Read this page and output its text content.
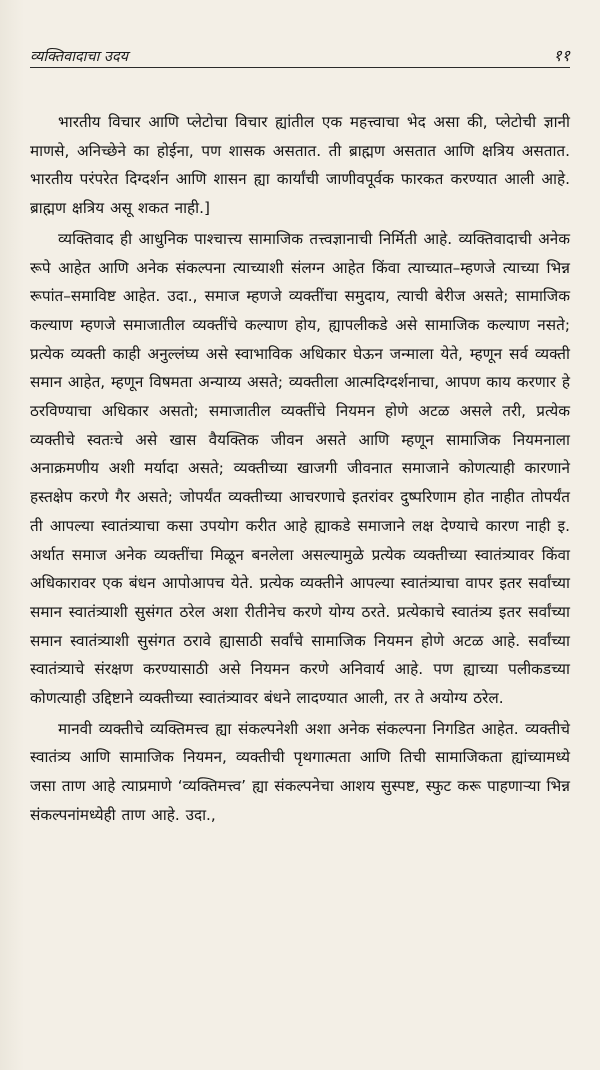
व्यक्तिवादाचा उदय	११

भारतीय विचार आणि प्लेटोचा विचार ह्यांतील एक महत्त्वाचा भेद असा की, प्लेटोची ज्ञानी माणसे, अनिच्छेने का होईना, पण शासक असतात. ती ब्राह्मण असतात आणि क्षत्रिय असतात. भारतीय परंपरेत दिग्दर्शन आणि शासन ह्या कार्यांची जाणीवपूर्वक फारकत करण्यात आली आहे. ब्राह्मण क्षत्रिय असू शकत नाही.]

व्यक्तिवाद ही आधुनिक पाश्चात्त्य सामाजिक तत्त्वज्ञानाची निर्मिती आहे. व्यक्तिवादाची अनेक रूपे आहेत आणि अनेक संकल्पना त्याच्याशी संलग्न आहेत किंवा त्याच्यात–म्हणजे त्याच्या भिन्न रूपांत–समाविष्ट आहेत. उदा., समाज म्हणजे व्यक्तींचा समुदाय, त्याची बेरीज असते; सामाजिक कल्याण म्हणजे समाजातील व्यक्तींचे कल्याण होय, ह्यापलीकडे असे सामाजिक कल्याण नसते; प्रत्येक व्यक्ती काही अनुल्लंघ्य असे स्वाभाविक अधिकार घेऊन जन्माला येते, म्हणून सर्व व्यक्ती समान आहेत, म्हणून विषमता अन्याय्य असते; व्यक्तीला आत्मदिग्दर्शनाचा, आपण काय करणार हे ठरविण्याचा अधिकार असतो; समाजातील व्यक्तींचे नियमन होणे अटळ असले तरी, प्रत्येक व्यक्तीचे स्वतःचे असे खास वैयक्तिक जीवन असते आणि म्हणून सामाजिक नियमनाला अनाक्रमणीय अशी मर्यादा असते; व्यक्तीच्या खाजगी जीवनात समाजाने कोणत्याही कारणाने हस्तक्षेप करणे गैर असते; जोपर्यंत व्यक्तीच्या आचरणाचे इतरांवर दुष्परिणाम होत नाहीत तोपर्यंत ती आपल्या स्वातंत्र्याचा कसा उपयोग करीत आहे ह्याकडे समाजाने लक्ष देण्याचे कारण नाही इ. अर्थात समाज अनेक व्यक्तींचा मिळून बनलेला असल्यामुळे प्रत्येक व्यक्तीच्या स्वातंत्र्यावर किंवा अधिकारावर एक बंधन आपोआपच येते. प्रत्येक व्यक्तीने आपल्या स्वातंत्र्याचा वापर इतर सर्वांच्या समान स्वातंत्र्याशी सुसंगत ठरेल अशा रीतीनेच करणे योग्य ठरते. प्रत्येकाचे स्वातंत्र्य इतर सर्वांच्या समान स्वातंत्र्याशी सुसंगत ठरावे ह्यासाठी सर्वांचे सामाजिक नियमन होणे अटळ आहे. सर्वांच्या स्वातंत्र्याचे संरक्षण करण्यासाठी असे नियमन करणे अनिवार्य आहे. पण ह्याच्या पलीकडच्या कोणत्याही उद्दिष्टाने व्यक्तीच्या स्वातंत्र्यावर बंधने लादण्यात आली, तर ते अयोग्य ठरेल.

मानवी व्यक्तीचे व्यक्तिमत्त्व ह्या संकल्पनेशी अशा अनेक संकल्पना निगडित आहेत. व्यक्तीचे स्वातंत्र्य आणि सामाजिक नियमन, व्यक्तीची पृथगात्मता आणि तिची सामाजिकता ह्यांच्यामध्ये जसा ताण आहे त्याप्रमाणे ‘व्यक्तिमत्त्व’ ह्या संकल्पनेचा आशय सुस्पष्ट, स्फुट करू पाहणाऱ्या भिन्न संकल्पनांमध्येही ताण आहे. उदा.,
